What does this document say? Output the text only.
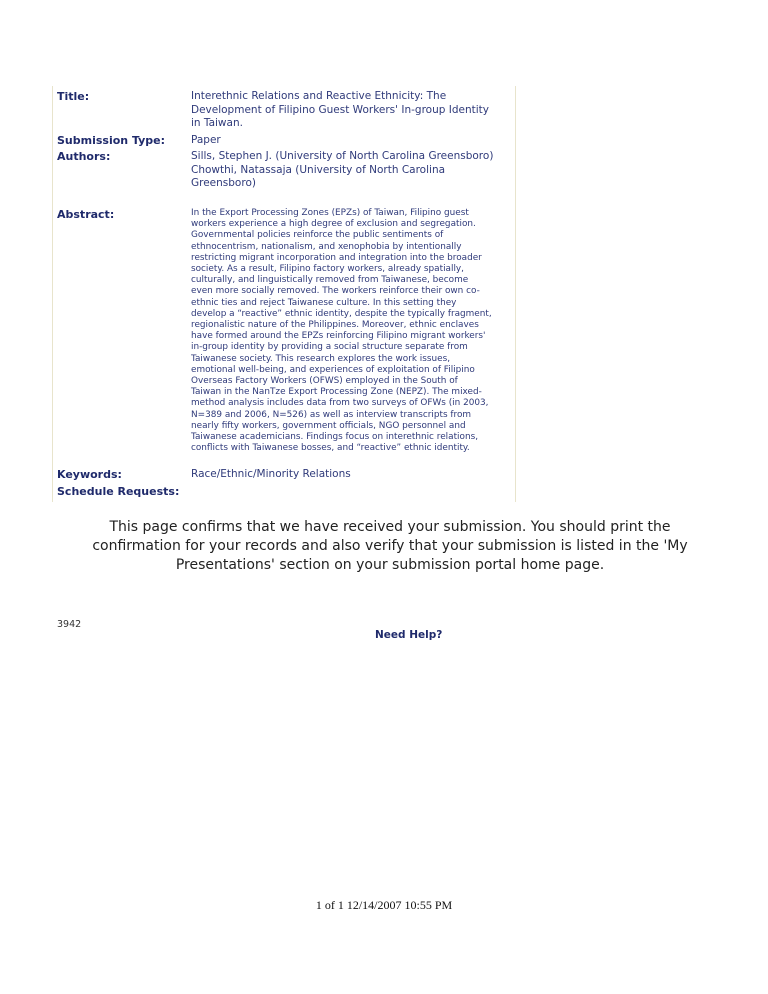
Title:	Interethnic Relations and Reactive Ethnicity: The
Development of Filipino Guest Workers' In-group Identity
in Taiwan.
Submission Type: Paper
Authors:	Sills, Stephen J. (University of North Carolina Greensboro)
Chowthi, Natassaja (University of North Carolina
Greensboro)
Abstract:	In the Export Processing Zones (EPZs) of Taiwan, Filipino guest
workers experience a high degree of exclusion and segregation.
Governmental policies reinforce the public sentiments of
ethnocentrism, nationalism, and xenophobia by intentionally
restricting migrant incorporation and integration into the broader
society. As a result, Filipino factory workers, already spatially,
culturally, and linguistically removed from Taiwanese, become
even more socially removed. The workers reinforce their own co-
ethnic ties and reject Taiwanese culture. In this setting they
develop a “reactive” ethnic identity, despite the typically fragment,
regionalistic nature of the Philippines. Moreover, ethnic enclaves
have formed around the EPZs reinforcing Filipino migrant workers'
in-group identity by providing a social structure separate from
Taiwanese society. This research explores the work issues,
emotional well-being, and experiences of exploitation of Filipino
Overseas Factory Workers (OFWS) employed in the South of
Taiwan in the NanTze Export Processing Zone (NEPZ). The mixed-
method analysis includes data from two surveys of OFWs (in 2003,
N=389 and 2006, N=526) as well as interview transcripts from
nearly fifty workers, government officials, NGO personnel and
Taiwanese academicians. Findings focus on interethnic relations,
conflicts with Taiwanese bosses, and “reactive” ethnic identity.
Keywords:	Race/Ethnic/Minority Relations
Schedule Requests:
This page confirms that we have received your submission. You should print the
confirmation for your records and also verify that your submission is listed in the 'My
Presentations' section on your submission portal home page.
3942
Need Help?
1 of 1 12/14/2007 10:55 PM
